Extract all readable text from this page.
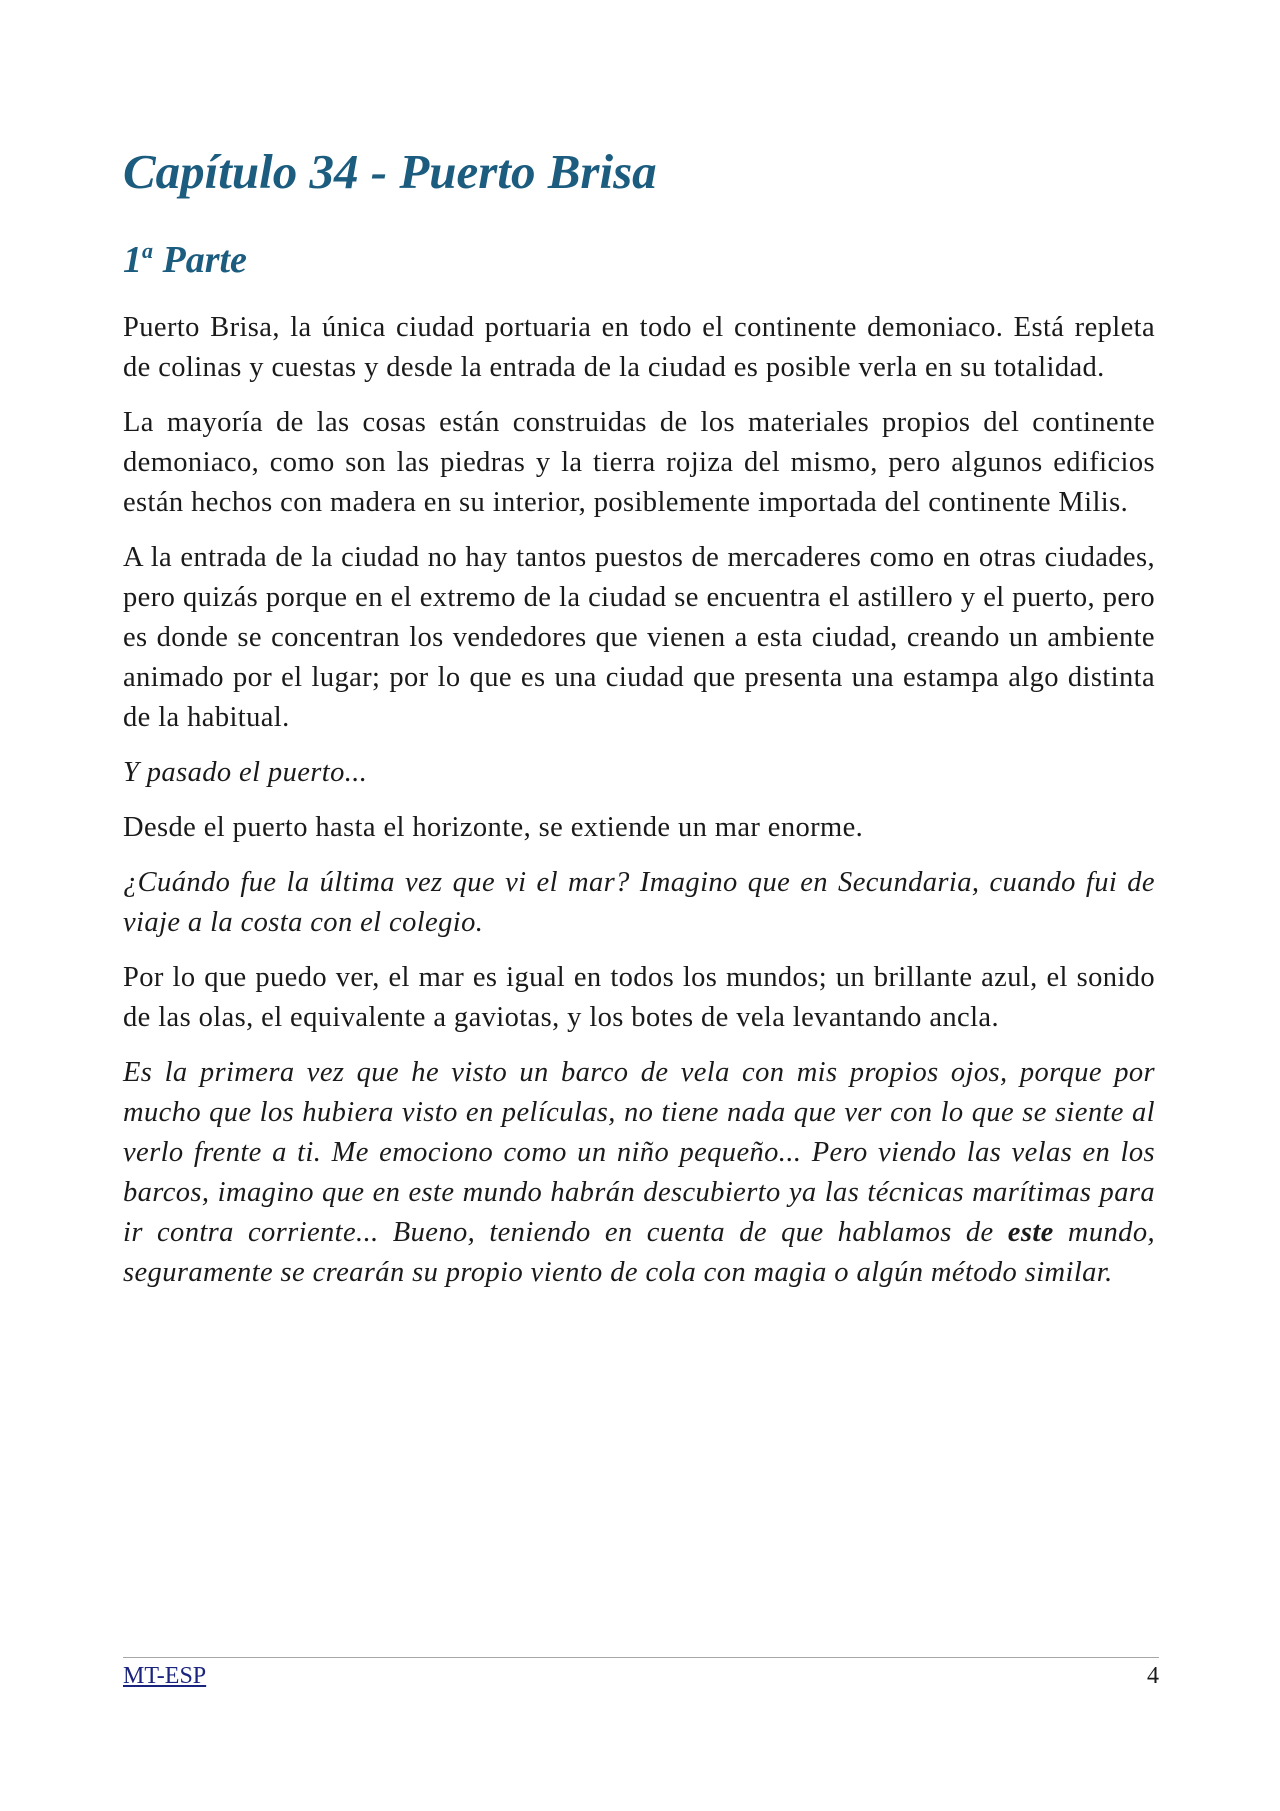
Capítulo 34 - Puerto Brisa
1$^a$ Parte

Puerto Brisa, la única ciudad portuaria en todo el continente demoniaco. Está repleta de colinas y cuestas y desde la entrada de la ciudad es posible verla en su totalidad.

La mayoría de las cosas están construidas de los materiales propios del continente demoniaco, como son las piedras y la tierra rojiza del mismo, pero algunos edificios están hechos con madera en su interior, posiblemente importada del continente Milis.

A la entrada de la ciudad no hay tantos puestos de mercaderes como en otras ciudades, pero quizás porque en el extremo de la ciudad se encuentra el astillero y el puerto, pero es donde se concentran los vendedores que vienen a esta ciudad, creando un ambiente animado por el lugar; por lo que es una ciudad que presenta una estampa algo distinta de la habitual.

Y pasado el puerto...

Desde el puerto hasta el horizonte, se extiende un mar enorme.

¿Cuándo fue la última vez que vi el mar? Imagino que en Secundaria, cuando fui de viaje a la costa con el colegio.

Por lo que puedo ver, el mar es igual en todos los mundos; un brillante azul, el sonido de las olas, el equivalente a gaviotas, y los botes de vela levantando ancla.

Es la primera vez que he visto un barco de vela con mis propios ojos, porque por mucho que los hubiera visto en películas, no tiene nada que ver con lo que se siente al verlo frente a ti. Me emociono como un niño pequeño... Pero viendo las velas en los barcos, imagino que en este mundo habrán descubierto ya las técnicas marítimas para ir contra corriente... Bueno, teniendo en cuenta de que hablamos de este mundo, seguramente se crearán su propio viento de cola con magia o algún método similar.

MT-ESP	4
